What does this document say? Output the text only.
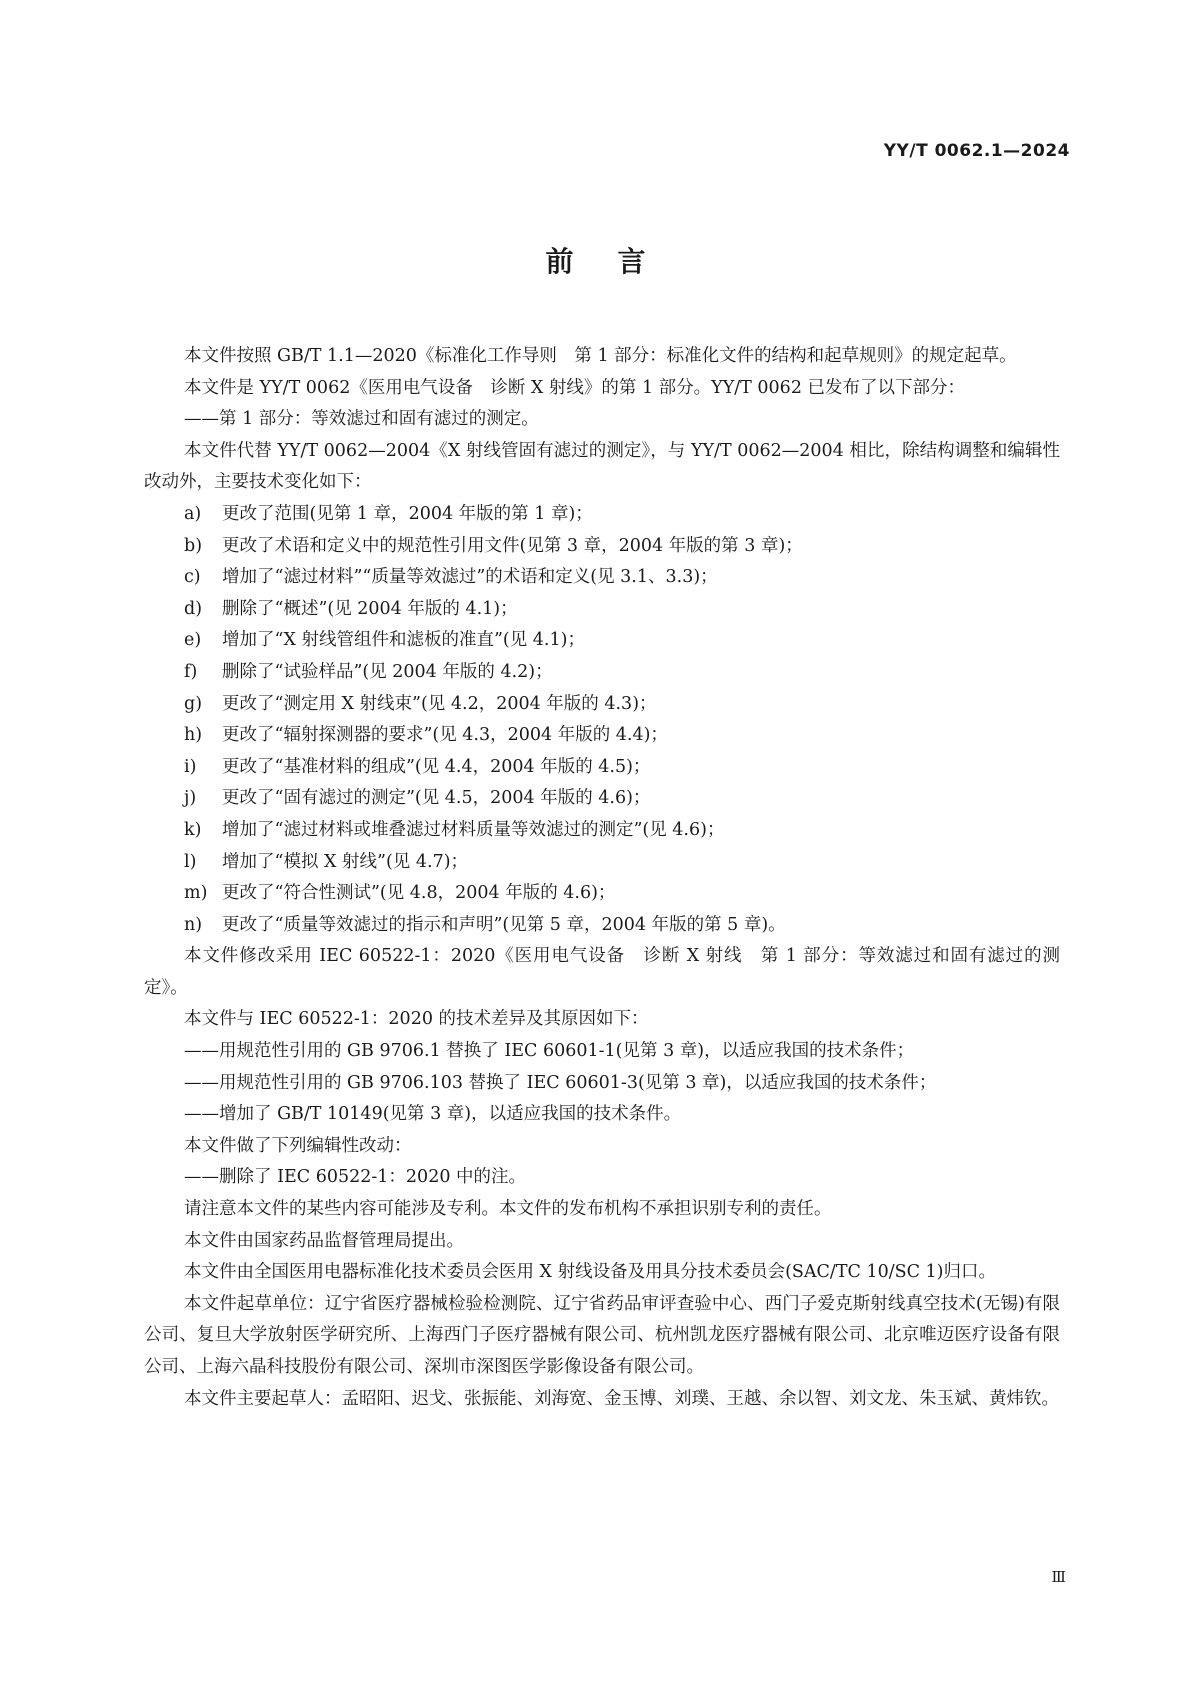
YY/T 0062.1—2024
前言

本文件按照 GB/T 1.1—2020《标准化工作导则　第 1 部分：标准化文件的结构和起草规则》的规定起草。

本文件是 YY/T 0062《医用电气设备　诊断 X 射线》的第 1 部分。YY/T 0062 已发布了以下部分：

——第 1 部分：等效滤过和固有滤过的测定。

本文件代替 YY/T 0062—2004《X 射线管固有滤过的测定》，与 YY/T 0062—2004 相比，除结构调整和编辑性改动外，主要技术变化如下：

a) 更改了范围(见第 1 章，2004 年版的第 1 章)；

b) 更改了术语和定义中的规范性引用文件(见第 3 章，2004 年版的第 3 章)；

c) 增加了“滤过材料”“质量等效滤过”的术语和定义(见 3.1、3.3)；

d) 删除了“概述”(见 2004 年版的 4.1)；

e) 增加了“X 射线管组件和滤板的准直”(见 4.1)；

f) 删除了“试验样品”(见 2004 年版的 4.2)；

g) 更改了“测定用 X 射线束”(见 4.2，2004 年版的 4.3)；

h) 更改了“辐射探测器的要求”(见 4.3，2004 年版的 4.4)；

i) 更改了“基准材料的组成”(见 4.4，2004 年版的 4.5)；

j) 更改了“固有滤过的测定”(见 4.5，2004 年版的 4.6)；

k) 增加了“滤过材料或堆叠滤过材料质量等效滤过的测定”(见 4.6)；

l) 增加了“模拟 X 射线”(见 4.7)；

m) 更改了“符合性测试”(见 4.8，2004 年版的 4.6)；

n) 更改了“质量等效滤过的指示和声明”(见第 5 章，2004 年版的第 5 章)。

本文件修改采用 IEC 60522-1：2020《医用电气设备　诊断 X 射线　第 1 部分：等效滤过和固有滤过的测定》。

本文件与 IEC 60522-1：2020 的技术差异及其原因如下：

——用规范性引用的 GB 9706.1 替换了 IEC 60601-1(见第 3 章)，以适应我国的技术条件；

——用规范性引用的 GB 9706.103 替换了 IEC 60601-3(见第 3 章)，以适应我国的技术条件；

——增加了 GB/T 10149(见第 3 章)，以适应我国的技术条件。

本文件做了下列编辑性改动：

——删除了 IEC 60522-1：2020 中的注。

请注意本文件的某些内容可能涉及专利。本文件的发布机构不承担识别专利的责任。

本文件由国家药品监督管理局提出。

本文件由全国医用电器标准化技术委员会医用 X 射线设备及用具分技术委员会(SAC/TC 10/SC 1)归口。

本文件起草单位：辽宁省医疗器械检验检测院、辽宁省药品审评查验中心、西门子爱克斯射线真空技术(无锡)有限公司、复旦大学放射医学研究所、上海西门子医疗器械有限公司、杭州凯龙医疗器械有限公司、北京唯迈医疗设备有限公司、上海六晶科技股份有限公司、深圳市深图医学影像设备有限公司。

本文件主要起草人：孟昭阳、迟戈、张振能、刘海宽、金玉博、刘璞、王越、余以智、刘文龙、朱玉斌、黄炜钦。

Ⅲ
